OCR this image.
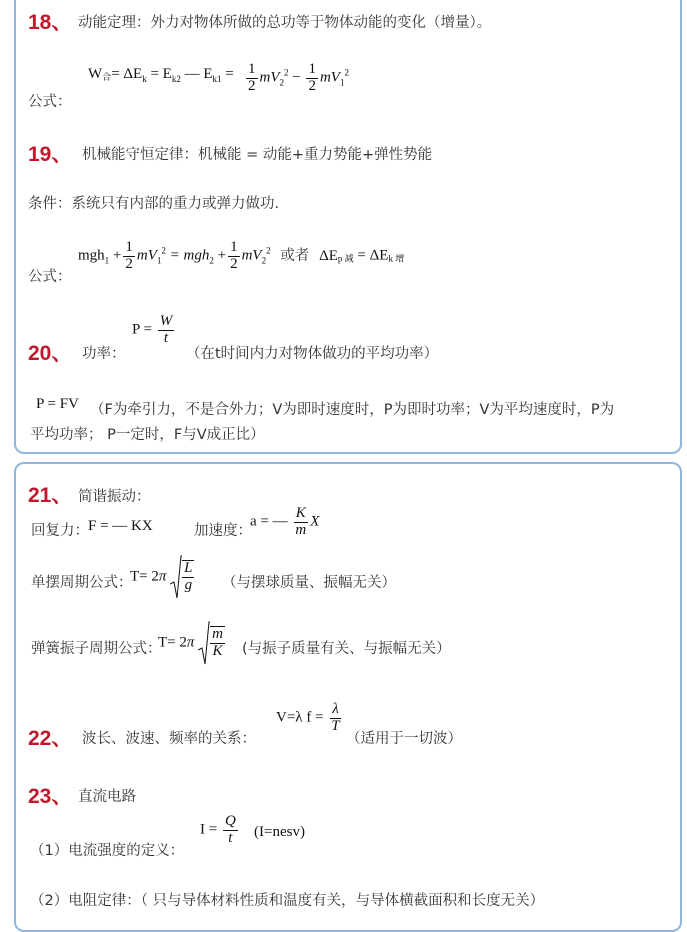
18、 动能定理：外力对物体所做的总功等于物体动能的变化（增量）。
W合= $\Delta E_k = E_{k2}$ — $E_{k1} = \frac{1}{2} mV_2^2 - \frac{1}{2} mV_1^2$
公式：
19、 机械能守恒定律：机械能 = 动能+重力势能+弹性势能
条件：系统只有内部的重力或弹力做功.
$mgh_1 + \frac{1}{2} mV_1^2 = mgh_2 + \frac{1}{2} mV_2^2$ 或者 ΔEp 减 = ΔEk 增
公式：
20、 功率：
$P = \frac{W}{t}$
（在t时间内力对物体做功的平均功率）
P = FV （F为牵引力，不是合外力；V为即时速度时，P为即时功率；V为平均速度时，P为
平均功率； P一定时，F与V成正比）
21、 简谐振动：
回复力： F = — KX	加速度：
a = — $\frac{K}{m}$ X
单摆周期公式：
$T= 2\pi \frac{L}{g}$ （与摆球质量、振幅无关）
弹簧振子周期公式：
$T= 2\pi \frac{m}{K}$ (与振子质量有关、与振幅无关）
22、 波长、波速、频率的关系：
V=λ $f = \frac{\lambda}{T}$
（适用于一切波）
23、 直流电路
（1）电流强度的定义：
$I = \frac{Q}{t}$ (I=nesv)
（2）电阻定律：（ 只与导体材料性质和温度有关，与导体横截面积和长度无关）
